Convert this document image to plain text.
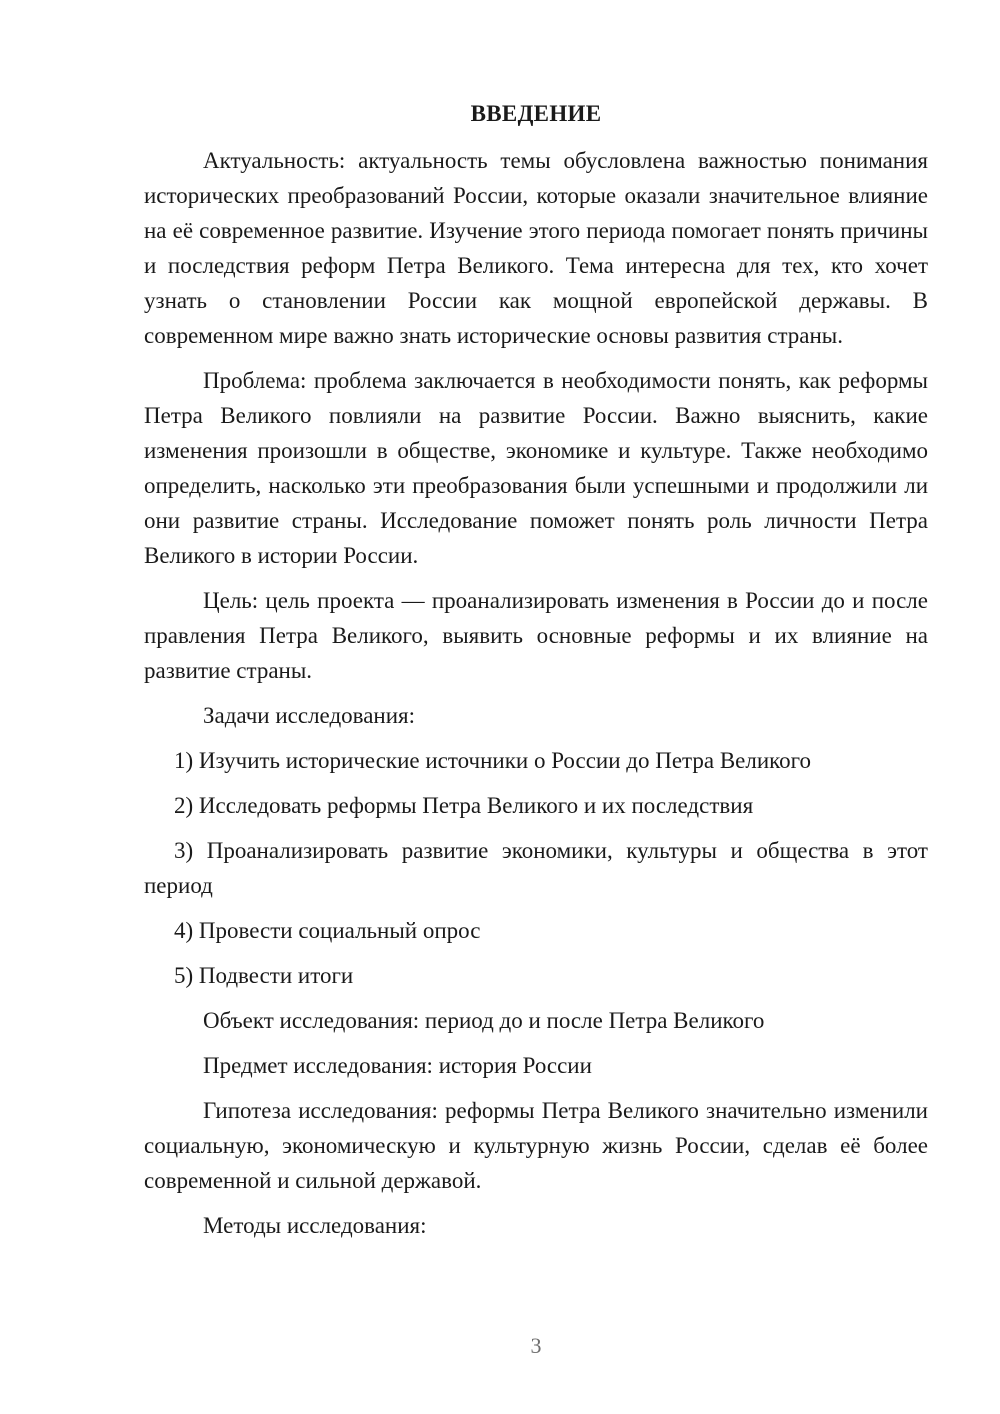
ВВЕДЕНИЕ

Актуальность: актуальность темы обусловлена важностью понимания исторических преобразований России, которые оказали значительное влияние на её современное развитие. Изучение этого периода помогает понять причины и последствия реформ Петра Великого. Тема интересна для тех, кто хочет узнать о становлении России как мощной европейской державы. В современном мире важно знать исторические основы развития страны.

Проблема: проблема заключается в необходимости понять, как реформы Петра Великого повлияли на развитие России. Важно выяснить, какие изменения произошли в обществе, экономике и культуре. Также необходимо определить, насколько эти преобразования были успешными и продолжили ли они развитие страны. Исследование поможет понять роль личности Петра Великого в истории России.

Цель: цель проекта — проанализировать изменения в России до и после правления Петра Великого, выявить основные реформы и их влияние на развитие страны.

Задачи исследования:

1) Изучить исторические источники о России до Петра Великого

2) Исследовать реформы Петра Великого и их последствия

3) Проанализировать развитие экономики, культуры и общества в этот период

4) Провести социальный опрос

5) Подвести итоги

Объект исследования: период до и после Петра Великого

Предмет исследования: история России

Гипотеза исследования: реформы Петра Великого значительно изменили социальную, экономическую и культурную жизнь России, сделав её более современной и сильной державой.

Методы исследования:

3
